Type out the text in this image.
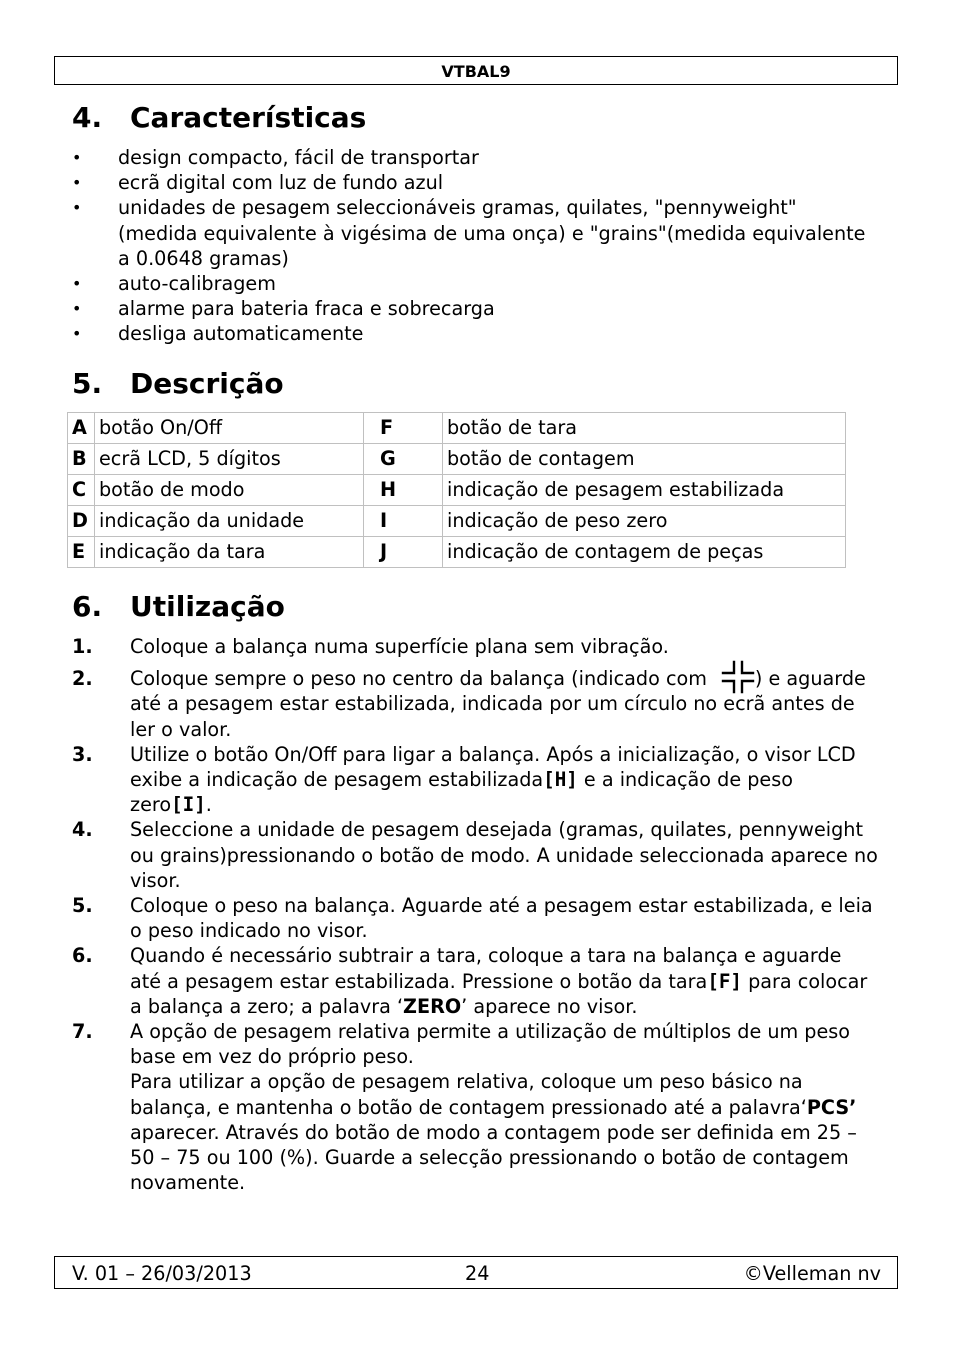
VTBAL9
4. Características
• design compacto, fácil de transportar
• ecrã digital com luz de fundo azul
• unidades de pesagem seleccionáveis gramas, quilates, "pennyweight"(medida equivalente à vigésima de uma onça) e "grains"(medida equivalente a 0.0648 gramas)
• auto-calibragem
• alarme para bateria fraca e sobrecarga
• desliga automaticamente
5. Descrição
A	botão On/Off	F	botão de tara
B	ecrã LCD, 5 dígitos	G	botão de contagem
C	botão de modo	H	indicação de pesagem estabilizada
D	indicação da unidade	I	indicação de peso zero
E	indicação da tara	J	indicação de contagem de peças
6. Utilização
1. Coloque a balança numa superfície plana sem vibração.
2. Coloque sempre o peso no centro da balança (indicado com	) e aguarde até a pesagem estar estabilizada, indicada por um círculo no ecrã antes de ler o valor.
3. Utilize o botão On/Off para ligar a balança. Após a inicialização, o visor LCD exibe a indicação de pesagem estabilizada[H] e a indicação de peso zero[I].
4. Seleccione a unidade de pesagem desejada (gramas, quilates, pennyweight ou grains)pressionando o botão de modo. A unidade seleccionada aparece no visor.
5. Coloque o peso na balança. Aguarde até a pesagem estar estabilizada, e leia o peso indicado no visor.
6. Quando é necessário subtrair a tara, coloque a tara na balança e aguarde até a pesagem estar estabilizada. Pressione o botão da tara[F] para colocar a balança a zero; a palavra ‘ZERO’ aparece no visor.
7. A opção de pesagem relativa permite a utilização de múltiplos de um peso base em vez do próprio peso.
Para utilizar a opção de pesagem relativa, coloque um peso básico na balança, e mantenha o botão de contagem pressionado até a palavra‘PCS’ aparecer. Através do botão de modo a contagem pode ser definida em 25 – 50 – 75 ou 100 (%). Guarde a selecção pressionando o botão de contagem novamente.
V. 01 – 26/03/2013	24	©Velleman nv
